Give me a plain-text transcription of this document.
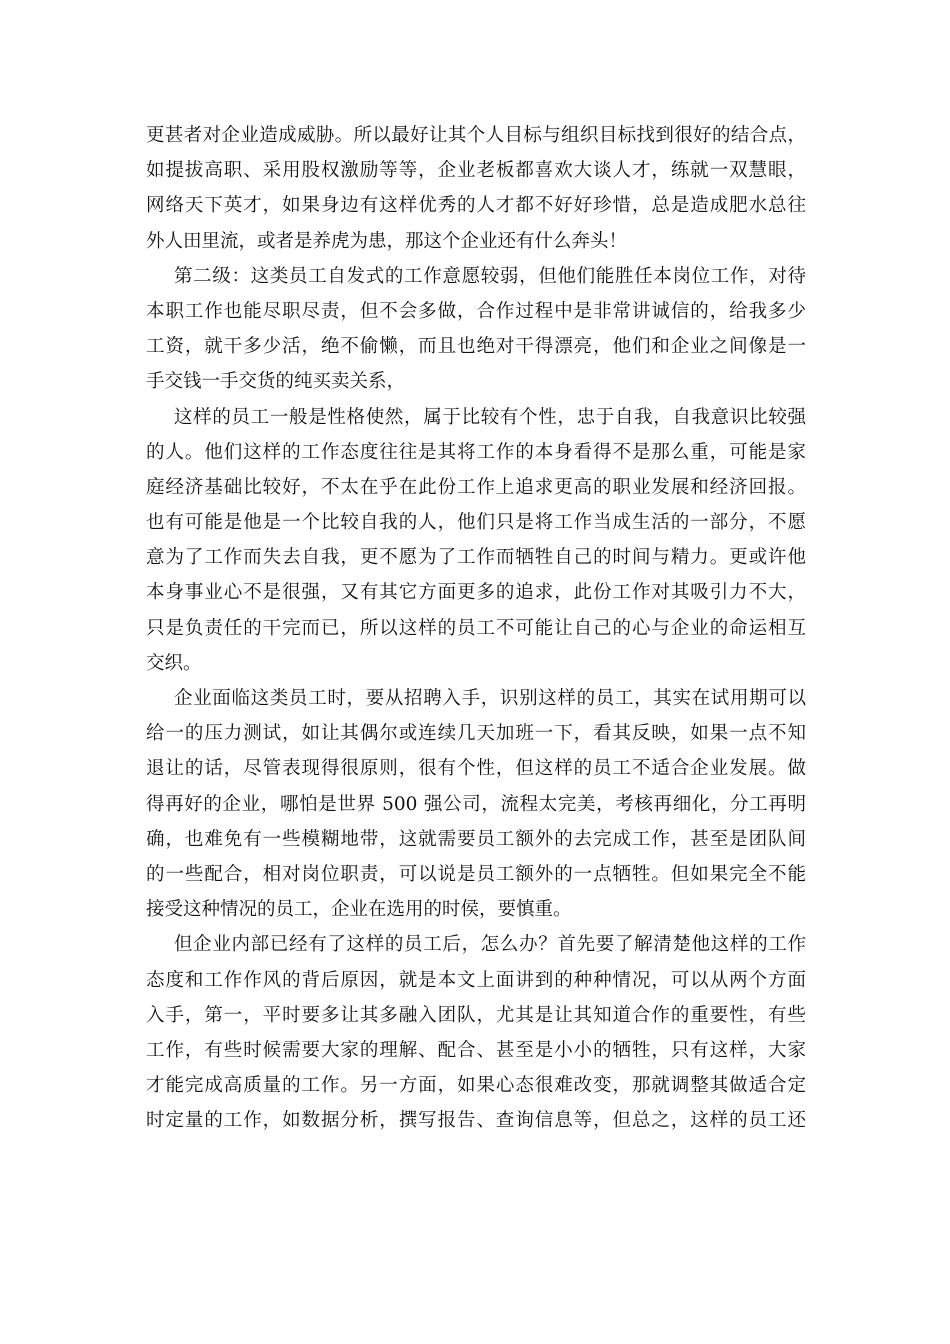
更甚者对企业造成威胁。所以最好让其个人目标与组织目标找到很好的结合点，
如提拔高职、采用股权激励等等，企业老板都喜欢大谈人才，练就一双慧眼，
网络天下英才，如果身边有这样优秀的人才都不好好珍惜，总是造成肥水总往
外人田里流，或者是养虎为患，那这个企业还有什么奔头！
第二级：这类员工自发式的工作意愿较弱，但他们能胜任本岗位工作，对待
本职工作也能尽职尽责，但不会多做，合作过程中是非常讲诚信的，给我多少
工资，就干多少活，绝不偷懒，而且也绝对干得漂亮，他们和企业之间像是一
手交钱一手交货的纯买卖关系，
这样的员工一般是性格使然，属于比较有个性，忠于自我，自我意识比较强
的人。他们这样的工作态度往往是其将工作的本身看得不是那么重，可能是家
庭经济基础比较好，不太在乎在此份工作上追求更高的职业发展和经济回报。
也有可能是他是一个比较自我的人，他们只是将工作当成生活的一部分，不愿
意为了工作而失去自我，更不愿为了工作而牺牲自己的时间与精力。更或许他
本身事业心不是很强，又有其它方面更多的追求，此份工作对其吸引力不大，
只是负责任的干完而已，所以这样的员工不可能让自己的心与企业的命运相互
交织。
企业面临这类员工时，要从招聘入手，识别这样的员工，其实在试用期可以
给一的压力测试，如让其偶尔或连续几天加班一下，看其反映，如果一点不知
退让的话，尽管表现得很原则，很有个性，但这样的员工不适合企业发展。做
得再好的企业，哪怕是世界 500 强公司，流程太完美，考核再细化，分工再明
确，也难免有一些模糊地带，这就需要员工额外的去完成工作，甚至是团队间
的一些配合，相对岗位职责，可以说是员工额外的一点牺牲。但如果完全不能
接受这种情况的员工，企业在选用的时侯，要慎重。
但企业内部已经有了这样的员工后，怎么办？首先要了解清楚他这样的工作
态度和工作作风的背后原因，就是本文上面讲到的种种情况，可以从两个方面
入手，第一，平时要多让其多融入团队，尤其是让其知道合作的重要性，有些
工作，有些时候需要大家的理解、配合、甚至是小小的牺牲，只有这样，大家
才能完成高质量的工作。另一方面，如果心态很难改变，那就调整其做适合定
时定量的工作，如数据分析，撰写报告、查询信息等，但总之，这样的员工还
